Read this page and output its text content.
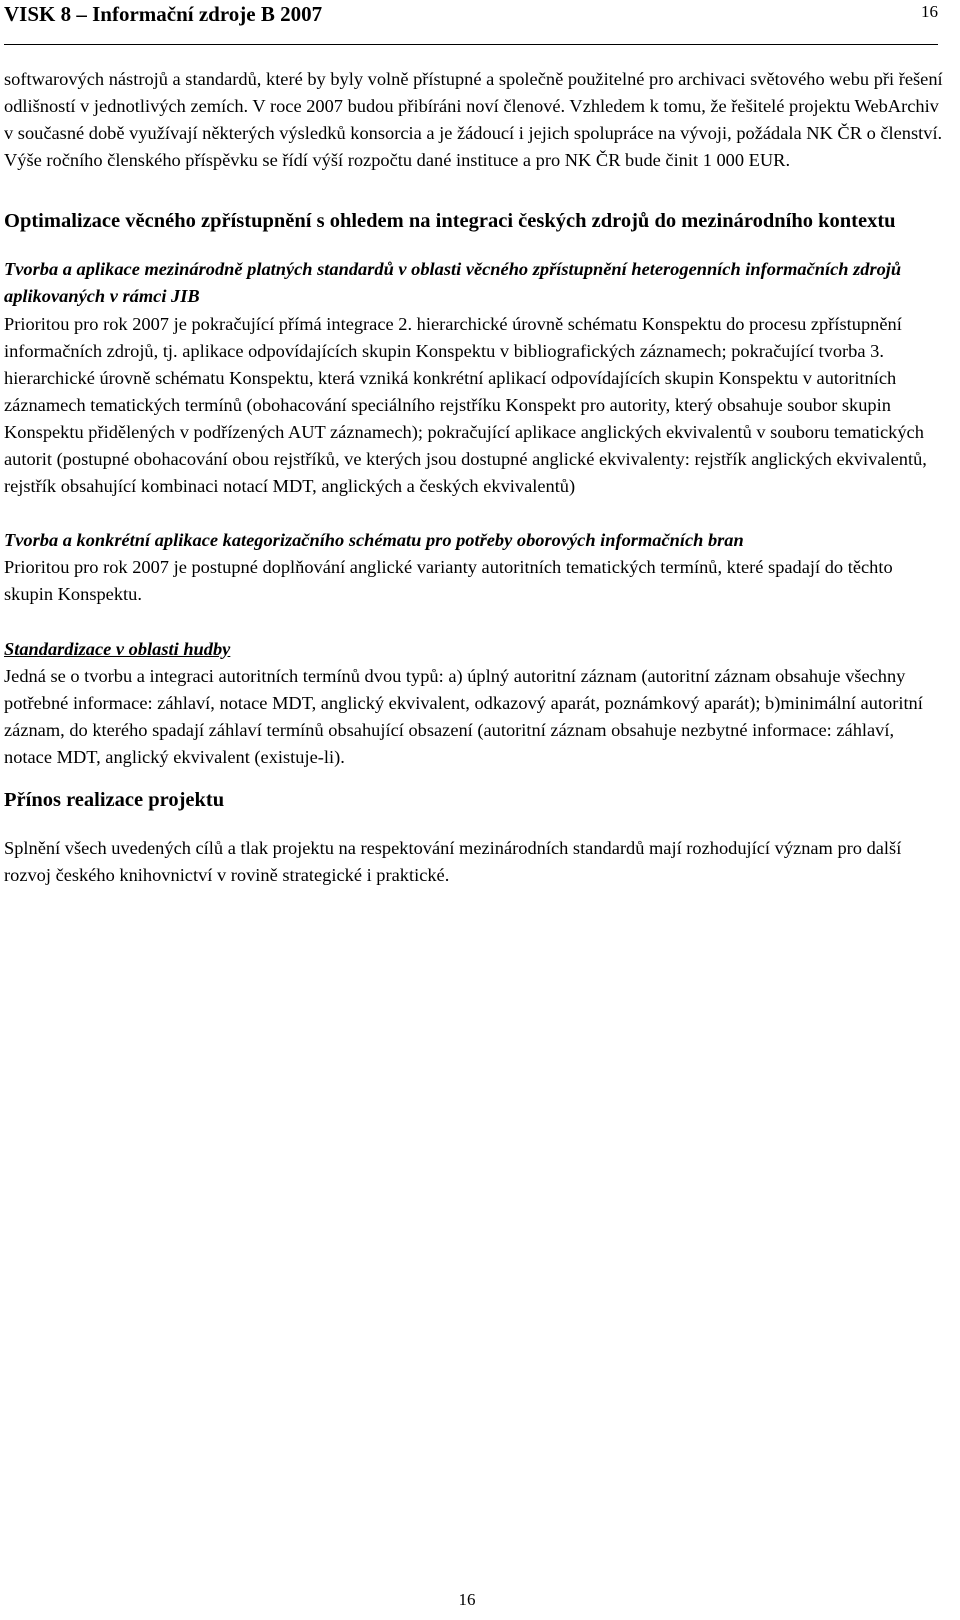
VISK 8 – Informační zdroje B 2007	16

softwarových nástrojů a standardů, které by byly volně přístupné a společně použitelné pro archivaci světového webu při řešení odlišností v jednotlivých zemích. V roce 2007 budou přibíráni noví členové. Vzhledem k tomu, že řešitelé projektu WebArchiv v současné době využívají některých výsledků konsorcia a je žádoucí i jejich spolupráce na vývoji, požádala NK ČR o členství. Výše ročního členského příspěvku se řídí výší rozpočtu dané instituce a pro NK ČR bude činit 1 000 EUR.

Optimalizace věcného zpřístupnění s ohledem na integraci českých zdrojů do mezinárodního kontextu

Tvorba a aplikace mezinárodně platných standardů v oblasti věcného zpřístupnění heterogenních informačních zdrojů aplikovaných v rámci JIB

Prioritou pro rok 2007 je pokračující přímá integrace 2. hierarchické úrovně schématu Konspektu do procesu zpřístupnění informačních zdrojů, tj. aplikace odpovídajících skupin Konspektu v bibliografických záznamech; pokračující tvorba 3. hierarchické úrovně schématu Konspektu, která vzniká konkrétní aplikací odpovídajících skupin Konspektu v autoritních záznamech tematických termínů (obohacování speciálního rejstříku Konspekt pro autority, který obsahuje soubor skupin Konspektu přidělených v podřízených AUT záznamech); pokračující aplikace anglických ekvivalentů v souboru tematických autorit (postupné obohacování obou rejstříků, ve kterých jsou dostupné anglické ekvivalenty: rejstřík anglických ekvivalentů, rejstřík obsahující kombinaci notací MDT, anglických a českých ekvivalentů)

Tvorba a konkrétní aplikace kategorizačního schématu pro potřeby oborových informačních bran

Prioritou pro rok 2007 je postupné doplňování anglické varianty autoritních tematických termínů, které spadají do těchto skupin Konspektu.

Standardizace v oblasti hudby

Jedná se o tvorbu a integraci autoritních termínů dvou typů: a) úplný autoritní záznam (autoritní záznam obsahuje všechny potřebné informace: záhlaví, notace MDT, anglický ekvivalent, odkazový aparát, poznámkový aparát); b)minimální autoritní záznam, do kterého spadají záhlaví termínů obsahující obsazení (autoritní záznam obsahuje nezbytné informace: záhlaví, notace MDT, anglický ekvivalent (existuje-li).

Přínos realizace projektu

Splnění všech uvedených cílů a tlak projektu na respektování mezinárodních standardů mají rozhodující význam pro další rozvoj českého knihovnictví v rovině strategické i praktické.

16
